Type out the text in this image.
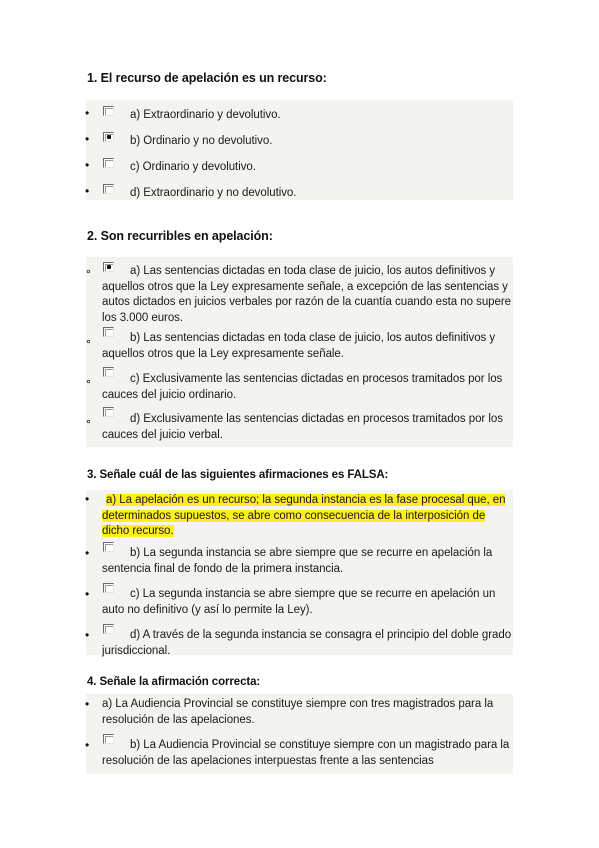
1. El recurso de apelación es un recurso:
•	a) Extraordinario y devolutivo.
•	b) Ordinario y no devolutivo.
•	c) Ordinario y devolutivo.
•	d) Extraordinario y no devolutivo.
2. Son recurribles en apelación:
∘	a) Las sentencias dictadas en toda clase de juicio, los autos definitivos y aquellos otros que la Ley expresamente señale, a excepción de las sentencias y autos dictados en juicios verbales por razón de la cuantía cuando esta no supere los 3.000 euros.
∘	b) Las sentencias dictadas en toda clase de juicio, los autos definitivos y aquellos otros que la Ley expresamente señale.
∘	c) Exclusivamente las sentencias dictadas en procesos tramitados por los cauces del juicio ordinario.
∘	d) Exclusivamente las sentencias dictadas en procesos tramitados por los cauces del juicio verbal.
3. Señale cuál de las siguientes afirmaciones es FALSA:
•	a) La apelación es un recurso; la segunda instancia es la fase procesal que, en determinados supuestos, se abre como consecuencia de la interposición de dicho recurso.
•	b) La segunda instancia se abre siempre que se recurre en apelación la sentencia final de fondo de la primera instancia.
•	c) La segunda instancia se abre siempre que se recurre en apelación un auto no definitivo (y así lo permite la Ley).
•	d) A través de la segunda instancia se consagra el principio del doble grado jurisdiccional.
4. Señale la afirmación correcta:
• a) La Audiencia Provincial se constituye siempre con tres magistrados para la resolución de las apelaciones.
•	b) La Audiencia Provincial se constituye siempre con un magistrado para la resolución de las apelaciones interpuestas frente a las sentencias
